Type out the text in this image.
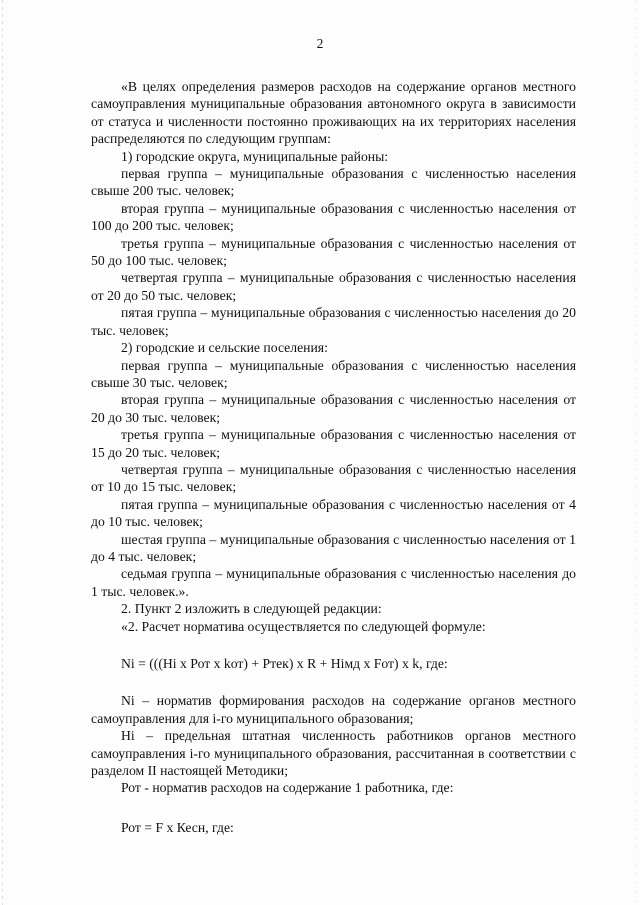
2

«В целях определения размеров расходов на содержание органов местного самоуправления муниципальные образования автономного округа в зависимости от статуса и численности постоянно проживающих на их территориях населения распределяются по следующим группам:

1) городские округа, муниципальные районы:

первая группа – муниципальные образования с численностью населения свыше 200 тыс. человек;

вторая группа – муниципальные образования с численностью населения от 100 до 200 тыс. человек;

третья группа – муниципальные образования с численностью населения от 50 до 100 тыс. человек;

четвертая группа – муниципальные образования с численностью населения от 20 до 50 тыс. человек;

пятая группа – муниципальные образования с численностью населения до 20 тыс. человек;

2) городские и сельские поселения:

первая группа – муниципальные образования с численностью населения свыше 30 тыс. человек;

вторая группа – муниципальные образования с численностью населения от 20 до 30 тыс. человек;

третья группа – муниципальные образования с численностью населения от 15 до 20 тыс. человек;

четвертая группа – муниципальные образования с численностью населения от 10 до 15 тыс. человек;

пятая группа – муниципальные образования с численностью населения от 4 до 10 тыс. человек;

шестая группа – муниципальные образования с численностью населения от 1 до 4 тыс. человек;

седьмая группа – муниципальные образования с численностью населения до 1 тыс. человек.».

2. Пункт 2 изложить в следующей редакции:

«2. Расчет норматива осуществляется по следующей формуле:

Ni = (((Hi x Рот x kот) + Ртек) x R + Hiмд x Fот) x k, где:

Ni – норматив формирования расходов на содержание органов местного самоуправления для i-го муниципального образования;

Hi – предельная штатная численность работников органов местного самоуправления i-го муниципального образования, рассчитанная в соответствии с разделом II настоящей Методики;

Рот - норматив расходов на содержание 1 работника, где:

Рот = F x Кесн, где:
